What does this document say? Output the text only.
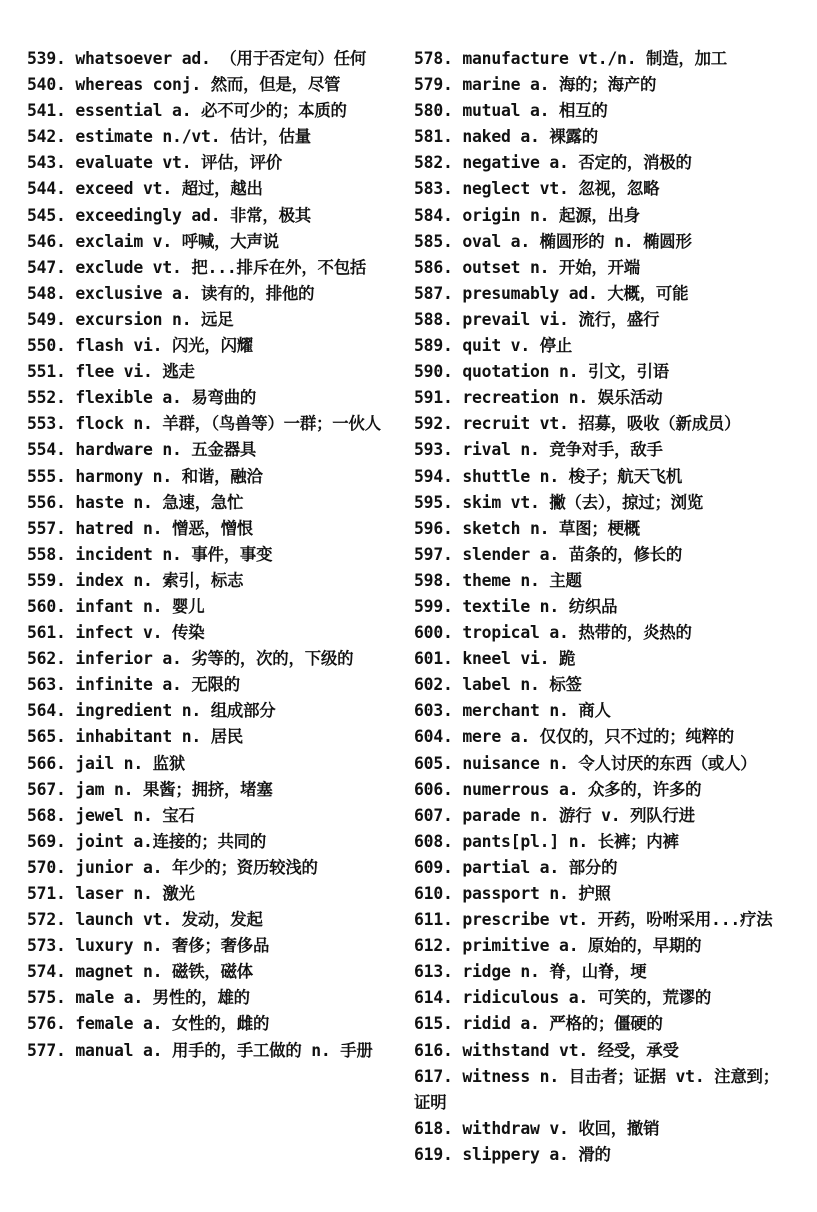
539. whatsoever ad. （用于否定句）任何
540. whereas conj. 然而，但是，尽管
541. essential a. 必不可少的；本质的
542. estimate n./vt. 估计，估量
543. evaluate vt. 评估，评价
544. exceed vt. 超过，越出
545. exceedingly ad. 非常，极其
546. exclaim v. 呼喊，大声说
547. exclude vt. 把...排斥在外，不包括
548. exclusive a. 读有的，排他的
549. excursion n. 远足
550. flash vi. 闪光，闪耀
551. flee vi. 逃走
552. flexible a. 易弯曲的
553. flock n. 羊群，（鸟兽等）一群；一伙人
554. hardware n. 五金器具
555. harmony n. 和谐，融洽
556. haste n. 急速，急忙
557. hatred n. 憎恶，憎恨
558. incident n. 事件，事变
559. index n. 索引，标志
560. infant n. 婴儿
561. infect v. 传染
562. inferior a. 劣等的，次的，下级的
563. infinite a. 无限的
564. ingredient n. 组成部分
565. inhabitant n. 居民
566. jail n. 监狱
567. jam n. 果酱；拥挤，堵塞
568. jewel n. 宝石
569. joint a.连接的；共同的
570. junior a. 年少的；资历较浅的
571. laser n. 激光
572. launch vt. 发动，发起
573. luxury n. 奢侈；奢侈品
574. magnet n. 磁铁，磁体
575. male a. 男性的，雄的
576. female a. 女性的，雌的
577. manual a. 用手的，手工做的 n. 手册
578. manufacture vt./n. 制造，加工
579. marine a. 海的；海产的
580. mutual a. 相互的
581. naked a. 裸露的
582. negative a. 否定的，消极的
583. neglect vt. 忽视，忽略
584. origin n. 起源，出身
585. oval a. 椭圆形的 n. 椭圆形
586. outset n. 开始，开端
587. presumably ad. 大概，可能
588. prevail vi. 流行，盛行
589. quit v. 停止
590. quotation n. 引文，引语
591. recreation n. 娱乐活动
592. recruit vt. 招募，吸收（新成员）
593. rival n. 竞争对手，敌手
594. shuttle n. 梭子；航天飞机
595. skim vt. 撇（去），掠过；浏览
596. sketch n. 草图；梗概
597. slender a. 苗条的，修长的
598. theme n. 主题
599. textile n. 纺织品
600. tropical a. 热带的，炎热的
601. kneel vi. 跪
602. label n. 标签
603. merchant n. 商人
604. mere a. 仅仅的，只不过的；纯粹的
605. nuisance n. 令人讨厌的东西（或人）
606. numerrous a. 众多的，许多的
607. parade n. 游行 v. 列队行进
608. pants[pl.] n. 长裤；内裤
609. partial a. 部分的
610. passport n. 护照
611. prescribe vt. 开药，吩咐采用...疗法
612. primitive a. 原始的，早期的
613. ridge n. 脊，山脊，埂
614. ridiculous a. 可笑的，荒谬的
615. ridid a. 严格的；僵硬的
616. withstand vt. 经受，承受
617. witness n. 目击者；证据 vt. 注意到；证明
618. withdraw v. 收回，撤销
619. slippery a. 滑的
